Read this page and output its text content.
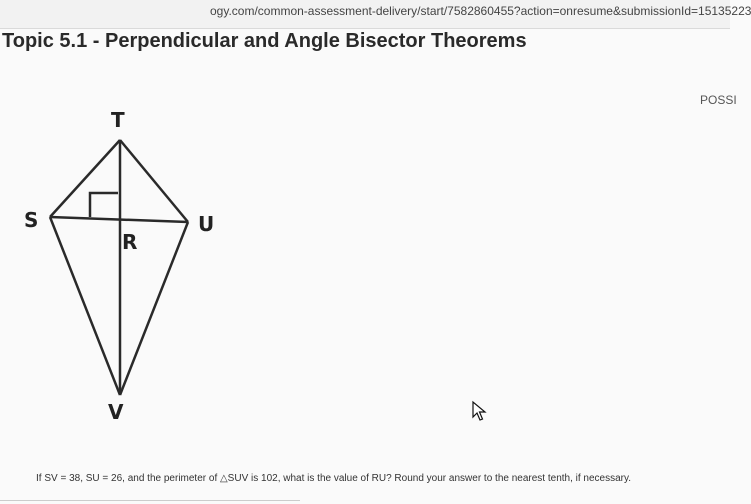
ogy.com/common-assessment-delivery/start/7582860455?action=onresume&submissionId=15135223
Topic 5.1 - Perpendicular and Angle Bisector Theorems
POSSI
T
S	U
R
V
If SV = 38, SU = 26, and the perimeter of △SUV is 102, what is the value of RU? Round your answer to the nearest tenth, if necessary.
